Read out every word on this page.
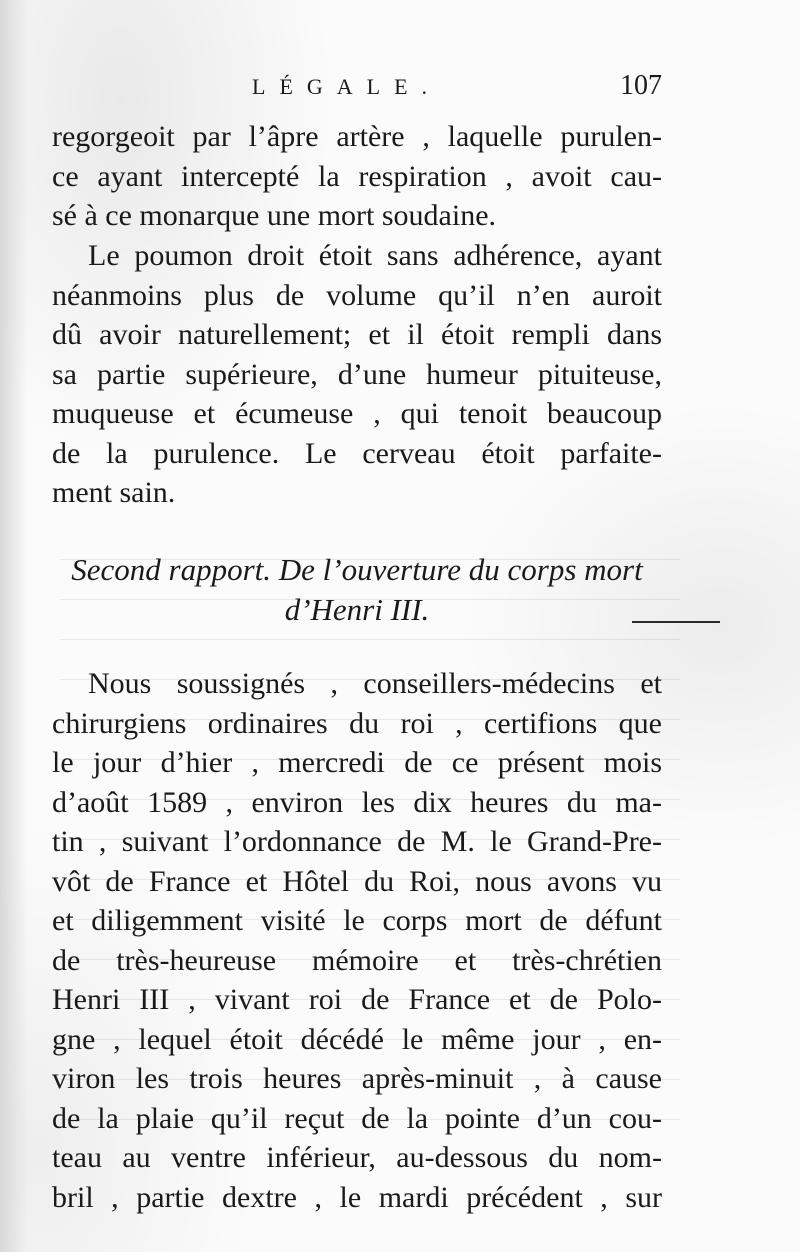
LÉGALE.	107
regorgeoit par l’âpre artère , laquelle purulen-
ce ayant intercepté la respiration , avoit cau-
sé à ce monarque une mort soudaine.
Le poumon droit étoit sans adhérence, ayant
néanmoins plus de volume qu’il n’en auroit
dû avoir naturellement; et il étoit rempli dans
sa partie supérieure, d’une humeur pituiteuse,
muqueuse et écumeuse , qui tenoit beaucoup
de la purulence. Le cerveau étoit parfaite-
ment sain.
Second rapport. De l’ouverture du corps mort
d’Henri III.
Nous soussignés , conseillers-médecins et
chirurgiens ordinaires du roi , certifions que
le jour d’hier , mercredi de ce présent mois
d’août 1589 , environ les dix heures du ma-
tin , suivant l’ordonnance de M. le Grand-Pre-
vôt de France et Hôtel du Roi, nous avons vu
et diligemment visité le corps mort de défunt
de très-heureuse mémoire et très-chrétien
Henri III , vivant roi de France et de Polo-
gne , lequel étoit décédé le même jour , en-
viron les trois heures après-minuit , à cause
de la plaie qu’il reçut de la pointe d’un cou-
teau au ventre inférieur, au-dessous du nom-
bril , partie dextre , le mardi précédent , sur
